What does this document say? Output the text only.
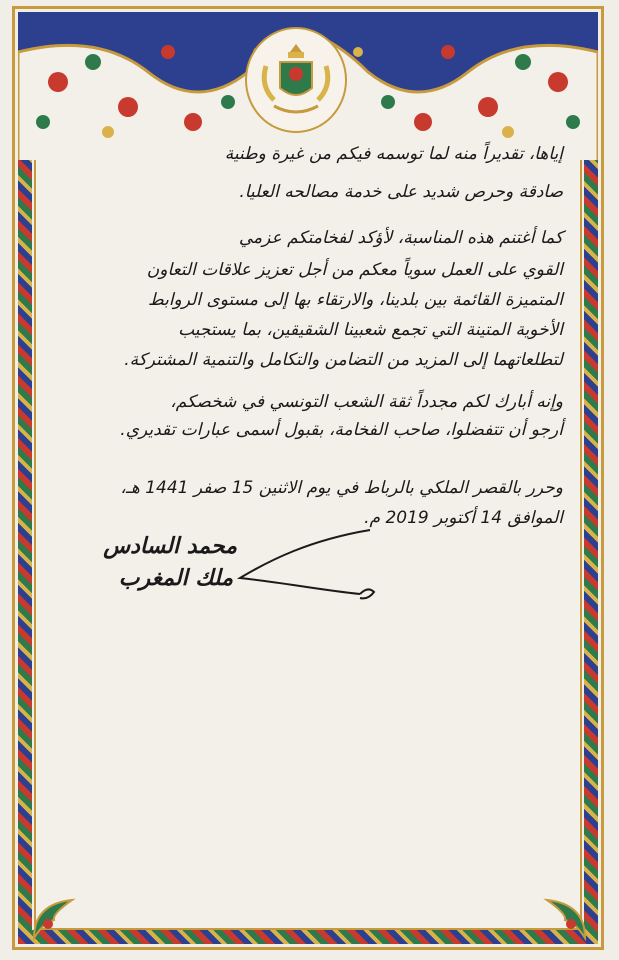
إياها، تقديراً منه لما توسمه فيكم من غيرة وطنية
صادقة وحرص شديد على خدمة مصالحه العليا.
كما أغتنم هذه المناسبة، لأؤكد لفخامتكم عزمي
القوي على العمل سوياً معكم من أجل تعزيز علاقات التعاون
المتميزة القائمة بين بلدينا، والارتقاء بها إلى مستوى الروابط
الأخوية المتينة التي تجمع شعبينا الشقيقين، بما يستجيب
لتطلعاتهما إلى المزيد من التضامن والتكامل والتنمية المشتركة.
وإنه أبارك لكم مجدداً ثقة الشعب التونسي في شخصكم،
أرجو أن تتفضلوا، صاحب الفخامة، بقبول أسمى عبارات تقديري.
وحرر بالقصر الملكي بالرباط في يوم الاثنين 15 صفر 1441 هـ،
الموافق 14 أكتوبر 2019 م.
محمد السادس
ملك المغرب
